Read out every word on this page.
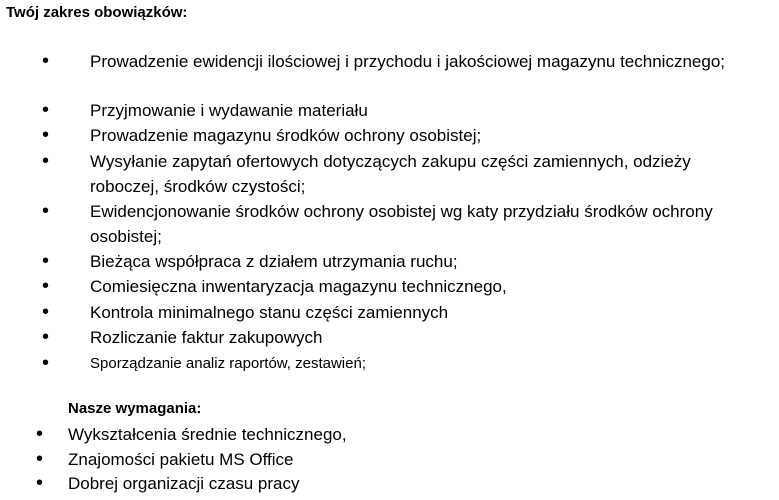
Twój zakres obowiązków:
• Prowadzenie ewidencji ilościowej i przychodu i jakościowej magazynu technicznego;
• Przyjmowanie i wydawanie materiału
• Prowadzenie magazynu środków ochrony osobistej;
• Wysyłanie zapytań ofertowych dotyczących zakupu części zamiennych, odzieży roboczej, środków czystości;
• Ewidencjonowanie środków ochrony osobistej wg katy przydziału środków ochrony osobistej;
• Bieżąca współpraca z działem utrzymania ruchu;
• Comiesięczna inwentaryzacja magazynu technicznego,
• Kontrola minimalnego stanu części zamiennych
• Rozliczanie faktur zakupowych
•	Sporządzanie analiz raportów, zestawień;
Nasze wymagania:
• Wykształcenia średnie technicznego,
• Znajomości pakietu MS Office
• Dobrej organizacji czasu pracy
